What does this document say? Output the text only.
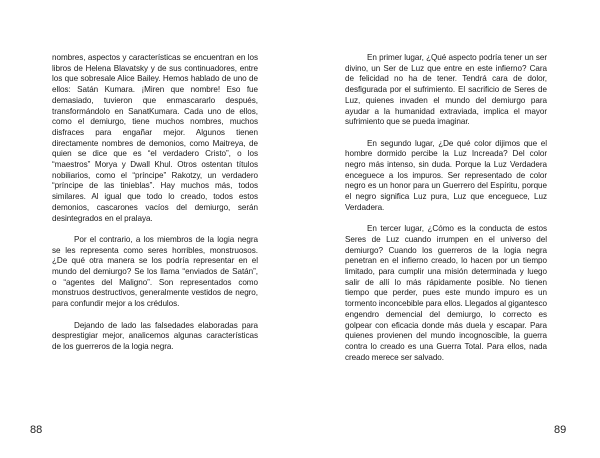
nombres, aspectos y características se encuentran en los libros de Helena Blavatsky y de sus continuadores, entre los que sobresale Alice Bailey. Hemos hablado de uno de ellos: Satán Kumara. ¡Miren que nombre! Eso fue demasiado, tuvieron que enmascararlo después, transformándolo en SanatKumara. Cada uno de ellos, como el demiurgo, tiene muchos nombres, muchos disfraces para engañar mejor. Algunos tienen directamente nombres de demonios, como Maitreya, de quien se dice que es “el verdadero Cristo”, o los “maestros” Morya y Dwall Khul. Otros ostentan títulos nobiliarios, como el “príncipe” Rakotzy, un verdadero “príncipe de las tinieblas”. Hay muchos más, todos similares. Al igual que todo lo creado, todos estos demonios, cascarones vacíos del demiurgo, serán desintegrados en el pralaya.

Por el contrario, a los miembros de la logia negra se les representa como seres horribles, monstruosos. ¿De qué otra manera se los podría representar en el mundo del demiurgo? Se los llama “enviados de Satán”, o “agentes del Maligno”. Son representados como monstruos destructivos, generalmente vestidos de negro, para confundir mejor a los crédulos.

Dejando de lado las falsedades elaboradas para desprestigiar mejor, analicemos algunas características de los guerreros de la logia negra.

88

En primer lugar, ¿Qué aspecto podría tener un ser divino, un Ser de Luz que entre en este infierno? Cara de felicidad no ha de tener. Tendrá cara de dolor, desfigurada por el sufrimiento. El sacrificio de Seres de Luz, quienes invaden el mundo del demiurgo para ayudar a la humanidad extraviada, implica el mayor sufrimiento que se pueda imaginar.

En segundo lugar, ¿De qué color dijimos que el hombre dormido percibe la Luz Increada? Del color negro más intenso, sin duda. Porque la Luz Verdadera enceguece a los impuros. Ser representado de color negro es un honor para un Guerrero del Espíritu, porque el negro significa Luz pura, Luz que enceguece, Luz Verdadera.

En tercer lugar, ¿Cómo es la conducta de estos Seres de Luz cuando irrumpen en el universo del demiurgo? Cuando los guerreros de la logia negra penetran en el infierno creado, lo hacen por un tiempo limitado, para cumplir una misión determinada y luego salir de allí lo más rápidamente posible. No tienen tiempo que perder, pues este mundo impuro es un tormento inconcebible para ellos. Llegados al gigantesco engendro demencial del demiurgo, lo correcto es golpear con eficacia donde más duela y escapar. Para quienes provienen del mundo incognoscible, la guerra contra lo creado es una Guerra Total. Para ellos, nada creado merece ser salvado.

89
